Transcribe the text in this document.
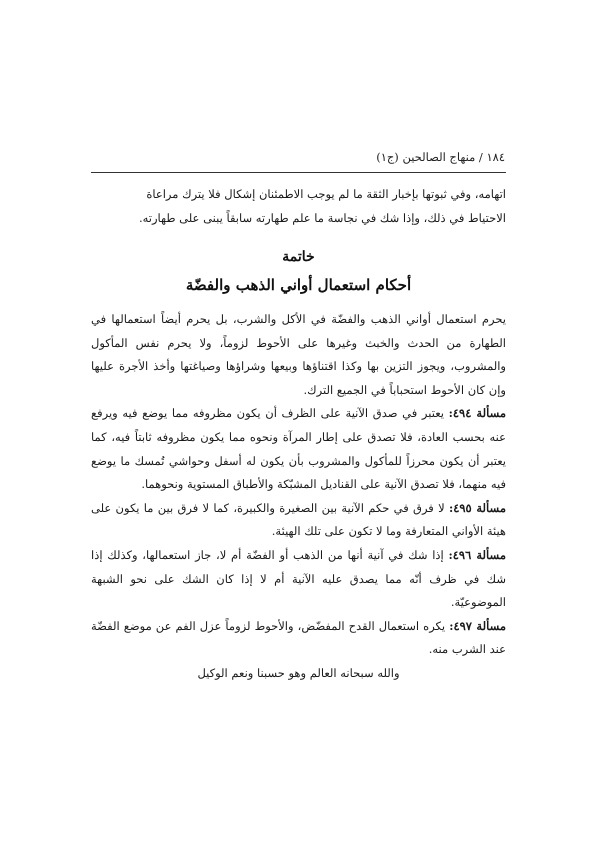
١٨٤ / منهاج الصالحين (ج١)

اتهامه، وفي ثبوتها بإخبار الثقة ما لم يوجب الاطمئنان إشكال فلا يترك مراعاة

الاحتياط في ذلك، وإذا شك في نجاسة ما علم طهارته سابقاً يبنى على طهارته.

خاتمة
أحكام استعمال أواني الذهب والفضّة

يحرم استعمال أواني الذهب والفضّة في الأكل والشرب، بل يحرم أيضاً استعمالها في الطهارة من الحدث والخبث وغيرها على الأحوط لزوماً، ولا يحرم نفس المأكول والمشروب، ويجوز التزين بها وكذا اقتناؤها وبيعها وشراؤها وصياغتها وأخذ الأجرة عليها وإن كان الأحوط استحباباً في الجميع الترك.

مسألة ٤٩٤: يعتبر في صدق الآنية على الظرف أن يكون مظروفه مما يوضع فيه ويرفع عنه بحسب العادة، فلا تصدق على إطار المرآة ونحوه مما يكون مظروفه ثابتاً فيه، كما يعتبر أن يكون محرزاً للمأكول والمشروب بأن يكون له أسفل وحواشي تُمسك ما يوضع فيه منهما، فلا تصدق الآنية على القناديل المشبّكة والأطباق المستوية ونحوهما.

مسألة ٤٩٥: لا فرق في حكم الآنية بين الصغيرة والكبيرة، كما لا فرق بين ما يكون على هيئة الأواني المتعارفة وما لا تكون على تلك الهيئة.

مسألة ٤٩٦: إذا شك في آنية أنها من الذهب أو الفضّة أم لا، جاز استعمالها، وكذلك إذا شك في ظرف أنّه مما يصدق عليه الآنية أم لا إذا كان الشك على نحو الشبهة الموضوعيّة.

مسألة ٤٩٧: يكره استعمال القدح المفضّض، والأحوط لزوماً عزل الفم عن موضع الفضّة عند الشرب منه.

والله سبحانه العالم وهو حسبنا ونعم الوكيل
